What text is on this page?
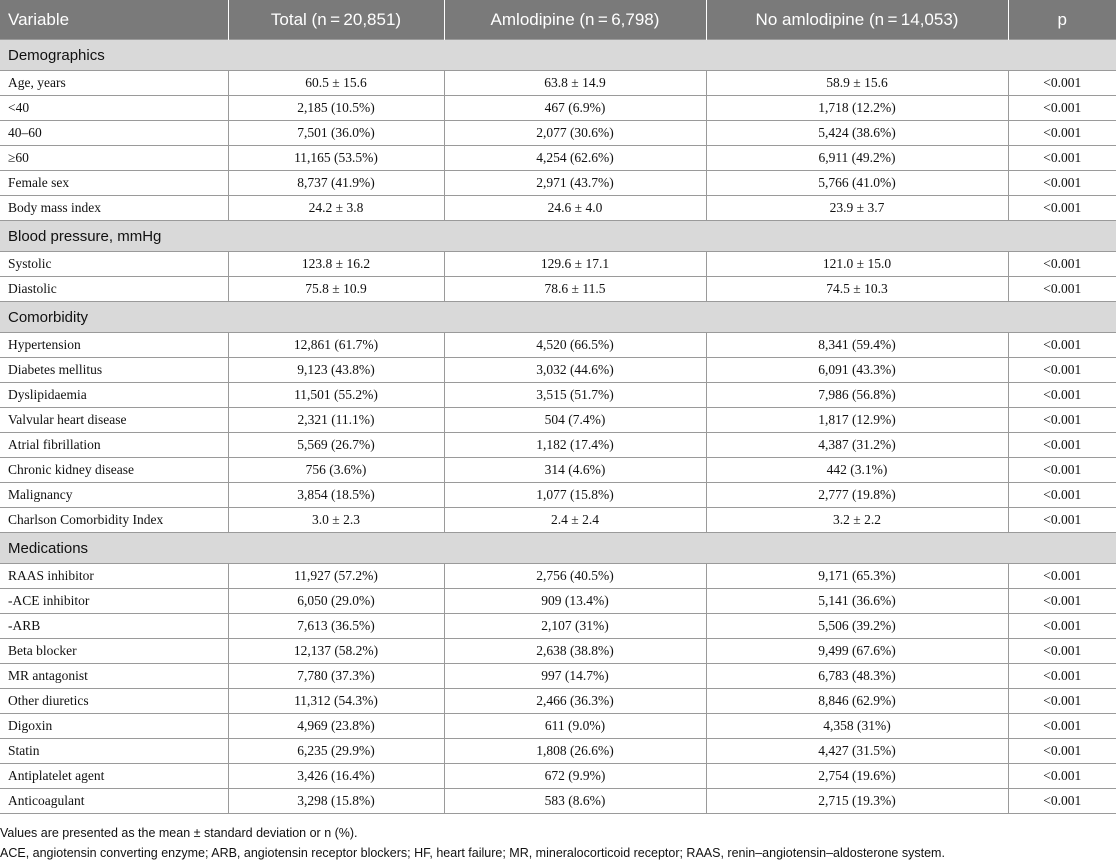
Variable	Total (n = 20,851)	Amlodipine (n = 6,798)	No amlodipine (n = 14,053)	p
Demographics				
Age, years	60.5 ± 15.6	63.8 ± 14.9	58.9 ± 15.6	<0.001
<40	2,185 (10.5%)	467 (6.9%)	1,718 (12.2%)	<0.001
40–60	7,501 (36.0%)	2,077 (30.6%)	5,424 (38.6%)	<0.001
≥60	11,165 (53.5%)	4,254 (62.6%)	6,911 (49.2%)	<0.001
Female sex	8,737 (41.9%)	2,971 (43.7%)	5,766 (41.0%)	<0.001
Body mass index	24.2 ± 3.8	24.6 ± 4.0	23.9 ± 3.7	<0.001
Blood pressure, mmHg				
Systolic	123.8 ± 16.2	129.6 ± 17.1	121.0 ± 15.0	<0.001
Diastolic	75.8 ± 10.9	78.6 ± 11.5	74.5 ± 10.3	<0.001
Comorbidity				
Hypertension	12,861 (61.7%)	4,520 (66.5%)	8,341 (59.4%)	<0.001
Diabetes mellitus	9,123 (43.8%)	3,032 (44.6%)	6,091 (43.3%)	<0.001
Dyslipidaemia	11,501 (55.2%)	3,515 (51.7%)	7,986 (56.8%)	<0.001
Valvular heart disease	2,321 (11.1%)	504 (7.4%)	1,817 (12.9%)	<0.001
Atrial fibrillation	5,569 (26.7%)	1,182 (17.4%)	4,387 (31.2%)	<0.001
Chronic kidney disease	756 (3.6%)	314 (4.6%)	442 (3.1%)	<0.001
Malignancy	3,854 (18.5%)	1,077 (15.8%)	2,777 (19.8%)	<0.001
Charlson Comorbidity Index	3.0 ± 2.3	2.4 ± 2.4	3.2 ± 2.2	<0.001
Medications				
RAAS inhibitor	11,927 (57.2%)	2,756 (40.5%)	9,171 (65.3%)	<0.001
-ACE inhibitor	6,050 (29.0%)	909 (13.4%)	5,141 (36.6%)	<0.001
-ARB	7,613 (36.5%)	2,107 (31%)	5,506 (39.2%)	<0.001
Beta blocker	12,137 (58.2%)	2,638 (38.8%)	9,499 (67.6%)	<0.001
MR antagonist	7,780 (37.3%)	997 (14.7%)	6,783 (48.3%)	<0.001
Other diuretics	11,312 (54.3%)	2,466 (36.3%)	8,846 (62.9%)	<0.001
Digoxin	4,969 (23.8%)	611 (9.0%)	4,358 (31%)	<0.001
Statin	6,235 (29.9%)	1,808 (26.6%)	4,427 (31.5%)	<0.001
Antiplatelet agent	3,426 (16.4%)	672 (9.9%)	2,754 (19.6%)	<0.001
Anticoagulant	3,298 (15.8%)	583 (8.6%)	2,715 (19.3%)	<0.001
Values are presented as the mean ± standard deviation or n (%).
ACE, angiotensin converting enzyme; ARB, angiotensin receptor blockers; HF, heart failure; MR, mineralocorticoid receptor; RAAS, renin–angiotensin–aldosterone system.
